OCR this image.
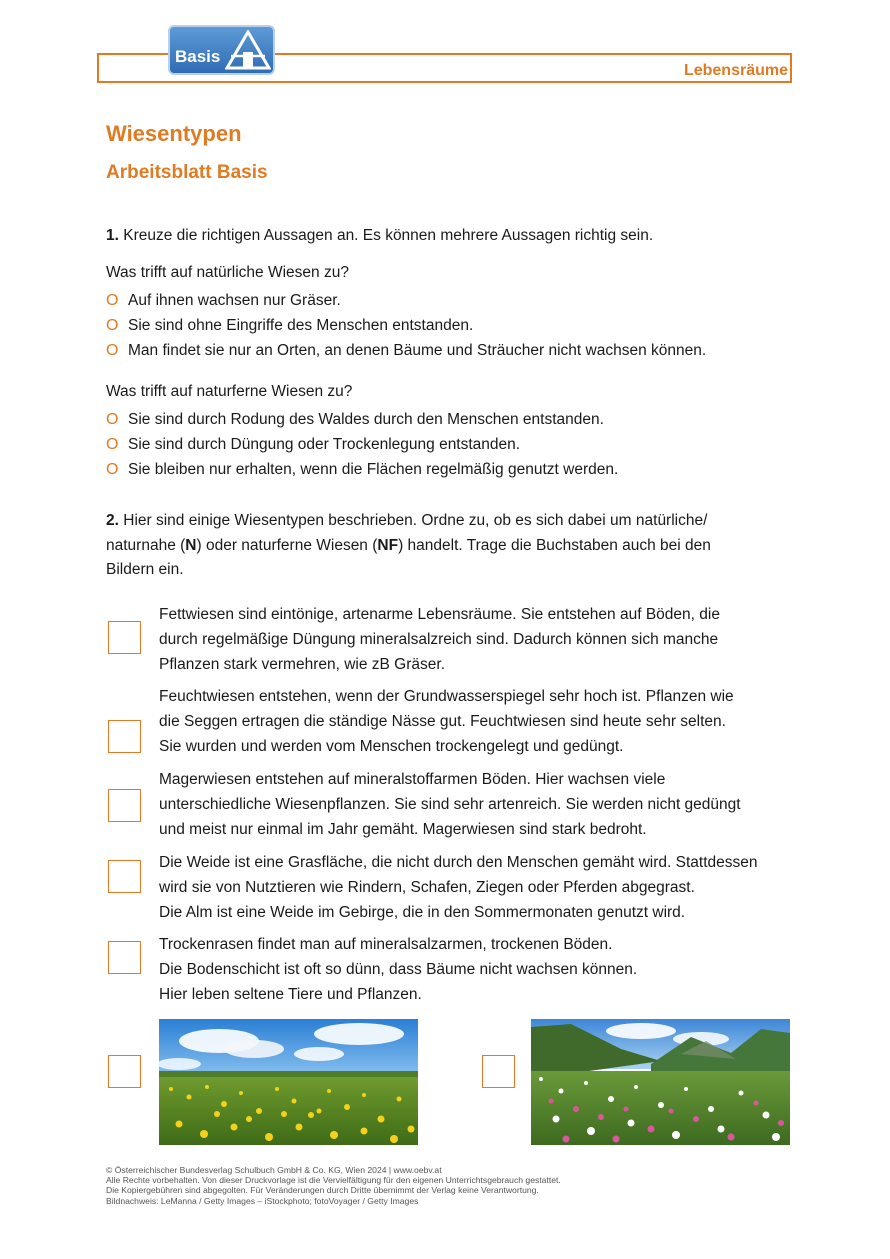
Lebensräume
Basis
Wiesentypen
Arbeitsblatt Basis
1. Kreuze die richtigen Aussagen an. Es können mehrere Aussagen richtig sein.
Was trifft auf natürliche Wiesen zu?
O Auf ihnen wachsen nur Gräser.
O Sie sind ohne Eingriffe des Menschen entstanden.
O Man findet sie nur an Orten, an denen Bäume und Sträucher nicht wachsen können.
Was trifft auf naturferne Wiesen zu?
O Sie sind durch Rodung des Waldes durch den Menschen entstanden.
O Sie sind durch Düngung oder Trockenlegung entstanden.
O Sie bleiben nur erhalten, wenn die Flächen regelmäßig genutzt werden.
2. Hier sind einige Wiesentypen beschrieben. Ordne zu, ob es sich dabei um natürliche/
naturnahe (N) oder naturferne Wiesen (NF) handelt. Trage die Buchstaben auch bei den
Bildern ein.
Fettwiesen sind eintönige, artenarme Lebensräume. Sie entstehen auf Böden, die
durch regelmäßige Düngung mineralsalzreich sind. Dadurch können sich manche
Pflanzen stark vermehren, wie zB Gräser.
Feuchtwiesen entstehen, wenn der Grundwasserspiegel sehr hoch ist. Pflanzen wie
die Seggen ertragen die ständige Nässe gut. Feuchtwiesen sind heute sehr selten.
Sie wurden und werden vom Menschen trockengelegt und gedüngt.
Magerwiesen entstehen auf mineralstoffarmen Böden. Hier wachsen viele
unterschiedliche Wiesenpflanzen. Sie sind sehr artenreich. Sie werden nicht gedüngt
und meist nur einmal im Jahr gemäht. Magerwiesen sind stark bedroht.
Die Weide ist eine Grasfläche, die nicht durch den Menschen gemäht wird. Stattdessen
wird sie von Nutztieren wie Rindern, Schafen, Ziegen oder Pferden abgegrast.
Die Alm ist eine Weide im Gebirge, die in den Sommermonaten genutzt wird.
Trockenrasen findet man auf mineralsalzarmen, trockenen Böden.
Die Bodenschicht ist oft so dünn, dass Bäume nicht wachsen können.
Hier leben seltene Tiere und Pflanzen.
© Österreichischer Bundesverlag Schulbuch GmbH & Co. KG, Wien 2024 | www.oebv.at
Alle Rechte vorbehalten. Von dieser Druckvorlage ist die Vervielfältigung für den eigenen Unterrichtsgebrauch gestattet.
Die Kopiergebühren sind abgegolten. Für Veränderungen durch Dritte übernimmt der Verlag keine Verantwortung.
Bildnachweis: LeManna / Getty Images – iStockphoto; fotoVoyager / Getty Images
